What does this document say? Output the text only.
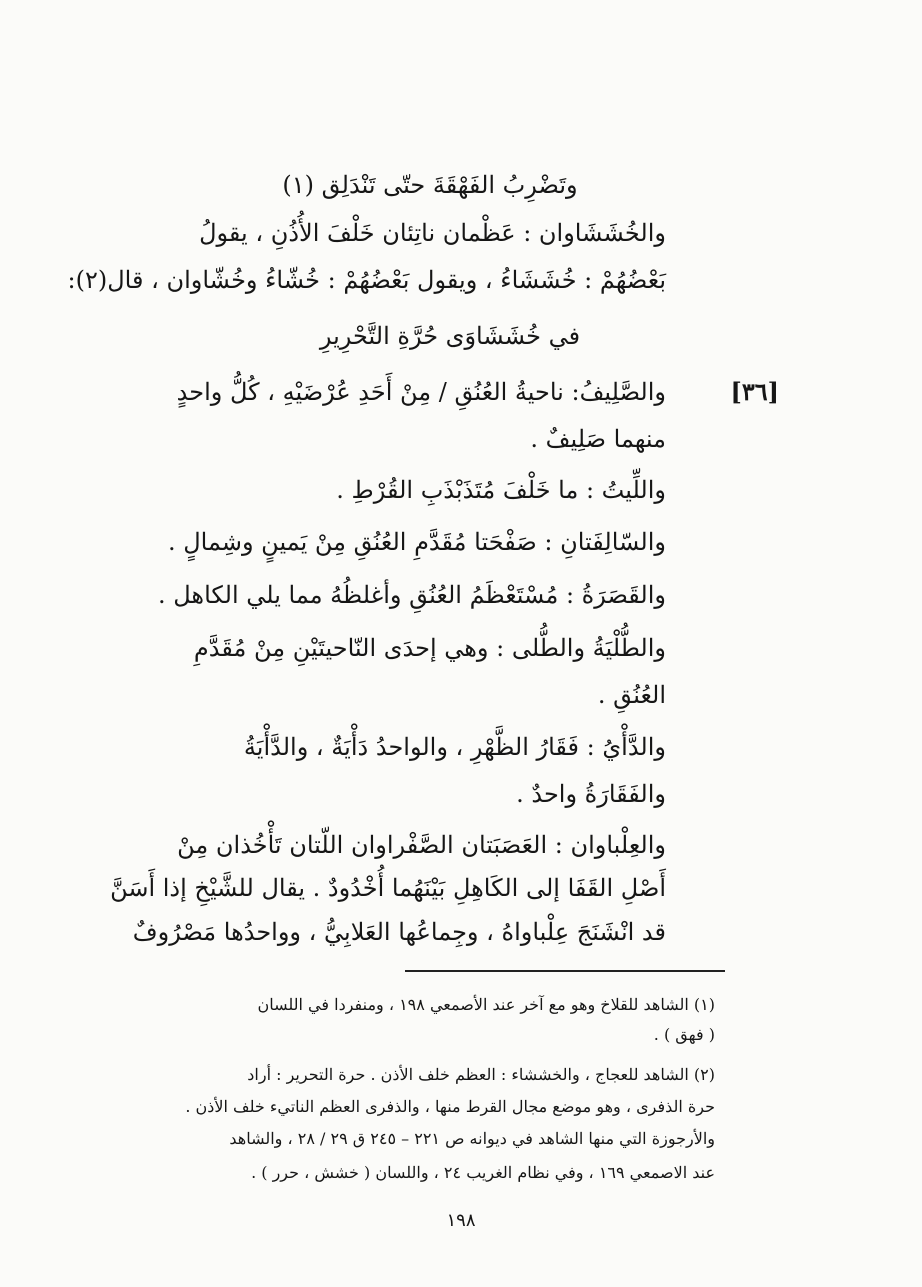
وتَضْرِبُ الفَهْقَةَ حتّى تَنْدَلِق (١)
والخُشَشَاوان : عَظْمان ناتِئان خَلْفَ الأُذُنِ ، يقولُ
بَعْضُهُمْ : خُشَشَاءُ ، ويقول بَعْضُهُمْ : خُشّاءُ وخُشّاوان ، قال(٢):
في خُشَشَاوَى حُرَّةِ التَّحْرِيرِ
[٣٦]
والصَّلِيفُ: ناحيةُ العُنُقِ / مِنْ أَحَدِ عُرْضَيْهِ ، كُلُّ واحدٍ
منهما صَلِيفٌ .
واللِّيتُ : ما خَلْفَ مُتَذَبْذَبِ القُرْطِ .
والسّالِفَتانِ : صَفْحَتا مُقَدَّمِ العُنُقِ مِنْ يَمينٍ وشِمالٍ .
والقَصَرَةُ : مُسْتَعْظَمُ العُنُقِ وأغلظُهُ مما يلي الكاهل .
والطُّلْيَةُ والطُّلى : وهي إحدَى النّاحيتَيْنِ مِنْ مُقَدَّمِ
العُنُقِ .
والدَّأْيُ : فَقَارُ الظَّهْرِ ، والواحدُ دَأْيَةٌ ، والدَّأْيَةُ
والفَقَارَةُ واحدٌ .
والعِلْباوان : العَصَبَتان الصَّفْراوان اللّتان تَأْخُذان مِنْ
أَصْلِ القَفَا إلى الكَاهِلِ بَيْنَهُما أُخْدُودٌ . يقال للشَّيْخِ إذا أَسَنَّ
قد انْشَنَجَ عِلْباواهُ ، وجِماعُها العَلابِيُّ ، وواحدُها مَصْرُوفٌ
(١) الشاهد للقلاخ وهو مع آخر عند الأصمعي ١٩٨ ، ومنفردا في اللسان
( فهق ) .
(٢) الشاهد للعجاج ، والخششاء : العظم خلف الأذن . حرة التحرير : أراد
حرة الذفرى ، وهو موضع مجال القرط منها ، والذفرى العظم الناتيء خلف الأذن .
والأرجوزة التي منها الشاهد في ديوانه ص ٢٢١ – ٢٤٥ ق ٢٩ / ٢٨ ، والشاهد
عند الاصمعي ١٦٩ ، وفي نظام الغريب ٢٤ ، واللسان ( خشش ، حرر ) .
١٩٨
